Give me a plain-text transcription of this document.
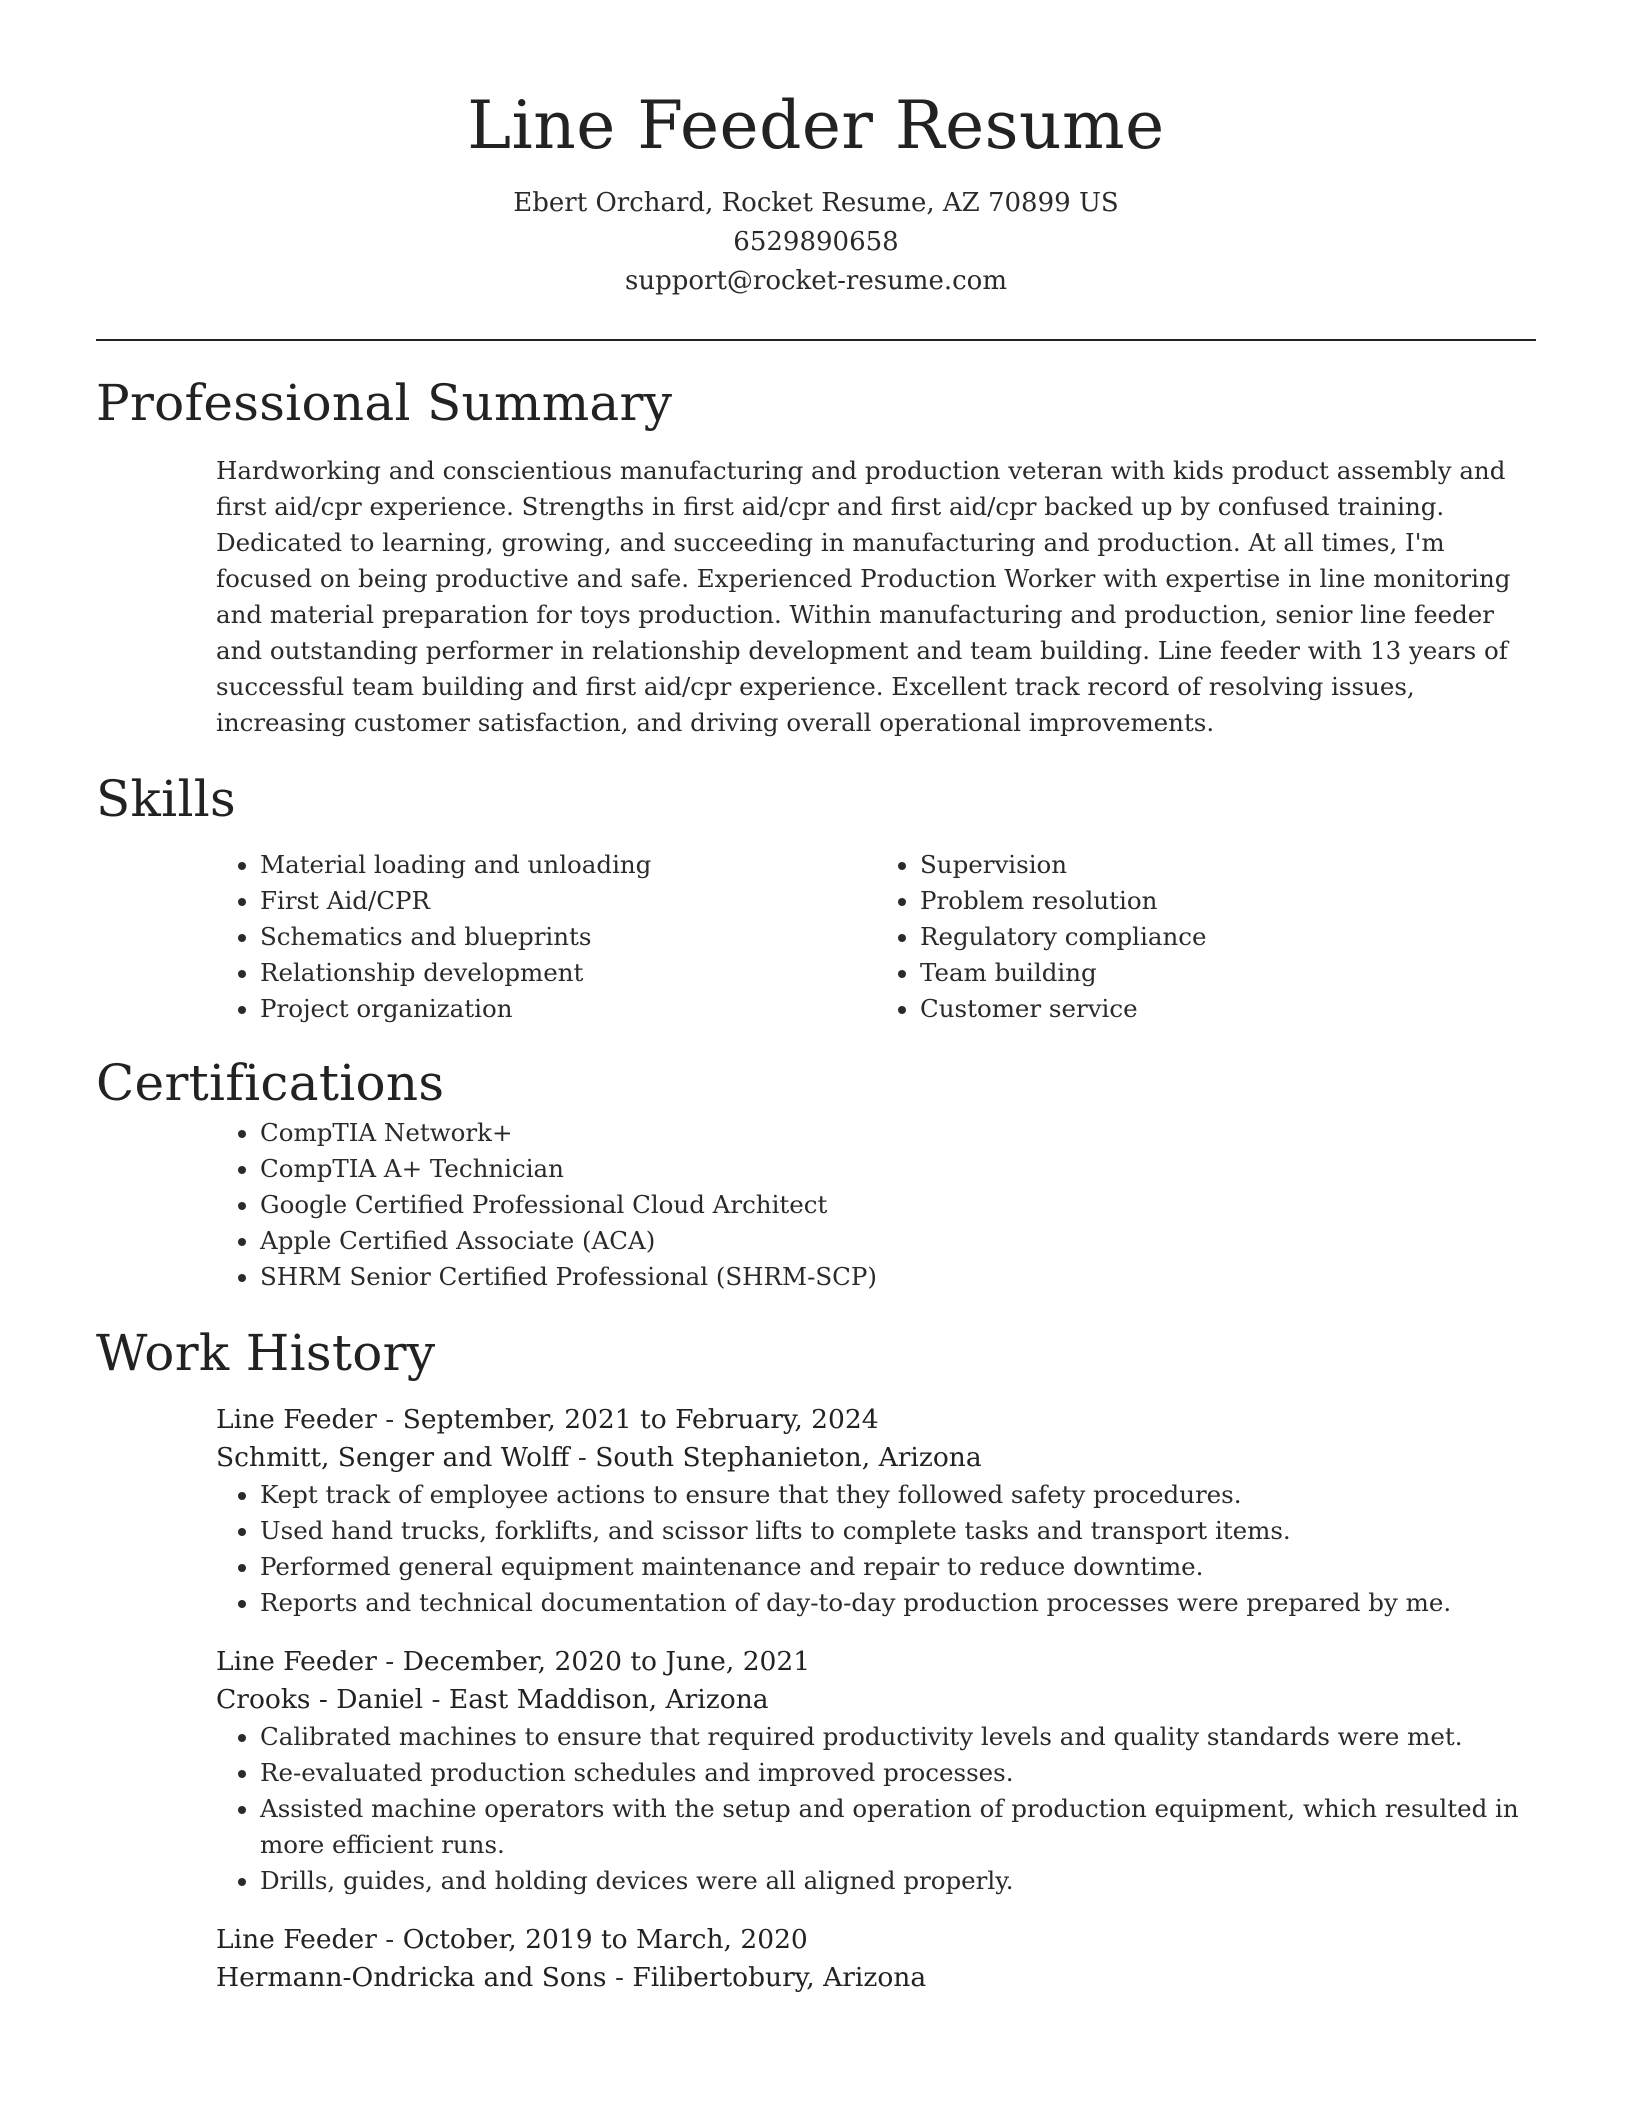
Line Feeder Resume
Ebert Orchard, Rocket Resume, AZ 70899 US
6529890658
support@rocket-resume.com
Professional Summary

Hardworking and conscientious manufacturing and production veteran with kids product assembly and first aid/cpr experience. Strengths in first aid/cpr and first aid/cpr backed up by confused training. Dedicated to learning, growing, and succeeding in manufacturing and production. At all times, I'm focused on being productive and safe. Experienced Production Worker with expertise in line monitoring and material preparation for toys production. Within manufacturing and production, senior line feeder and outstanding performer in relationship development and team building. Line feeder with 13 years of successful team building and first aid/cpr experience. Excellent track record of resolving issues, increasing customer satisfaction, and driving overall operational improvements.

Skills
• Material loading and unloading
• First Aid/CPR
• Schematics and blueprints
• Relationship development
• Project organization
• Supervision
• Problem resolution
• Regulatory compliance
• Team building
• Customer service
Certifications
• CompTIA Network+
• CompTIA A+ Technician
• Google Certified Professional Cloud Architect
• Apple Certified Associate (ACA)
• SHRM Senior Certified Professional (SHRM-SCP)
Work History
Line Feeder - September, 2021 to February, 2024
Schmitt, Senger and Wolff - South Stephanieton, Arizona
• Kept track of employee actions to ensure that they followed safety procedures.
• Used hand trucks, forklifts, and scissor lifts to complete tasks and transport items.
• Performed general equipment maintenance and repair to reduce downtime.
• Reports and technical documentation of day-to-day production processes were prepared by me.
Line Feeder - December, 2020 to June, 2021
Crooks - Daniel - East Maddison, Arizona
• Calibrated machines to ensure that required productivity levels and quality standards were met.
• Re-evaluated production schedules and improved processes.
• Assisted machine operators with the setup and operation of production equipment, which resulted in more efficient runs.
• Drills, guides, and holding devices were all aligned properly.
Line Feeder - October, 2019 to March, 2020
Hermann-Ondricka and Sons - Filibertobury, Arizona
